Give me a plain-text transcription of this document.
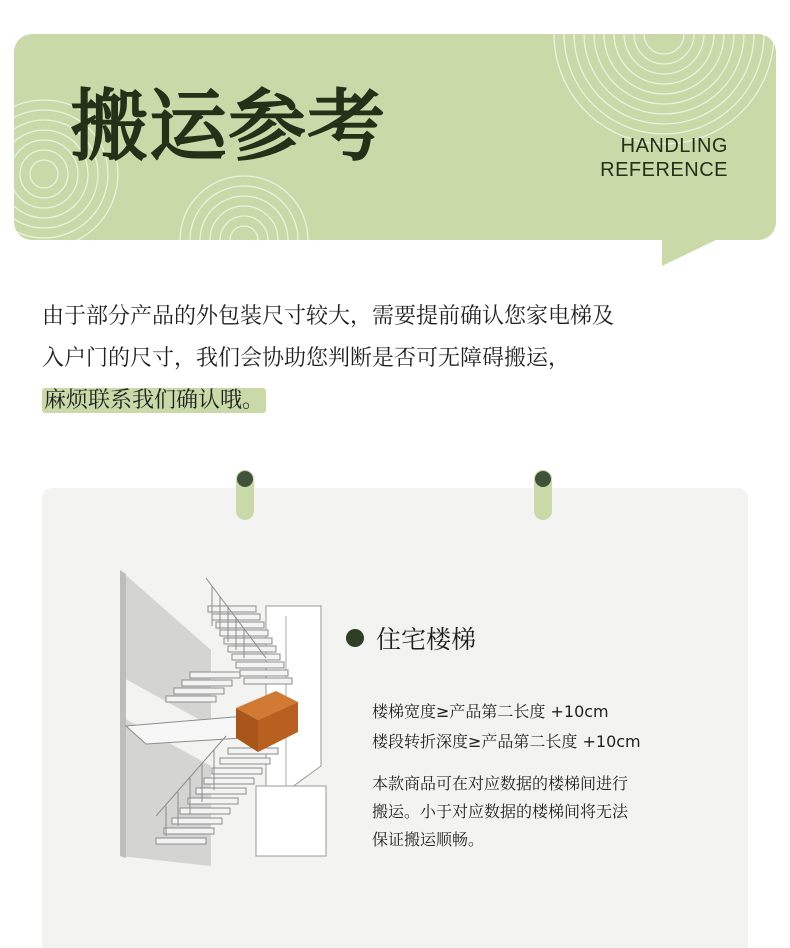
搬运参考	HANDLING
REFERENCE
由于部分产品的外包装尺寸较大，需要提前确认您家电梯及
入户门的尺寸，我们会协助您判断是否可无障碍搬运，
麻烦联系我们确认哦。
住宅楼梯
楼梯宽度≥产品第二长度 +10cm
楼段转折深度≥产品第二长度 +10cm
本款商品可在对应数据的楼梯间进行
搬运。小于对应数据的楼梯间将无法
保证搬运顺畅。
